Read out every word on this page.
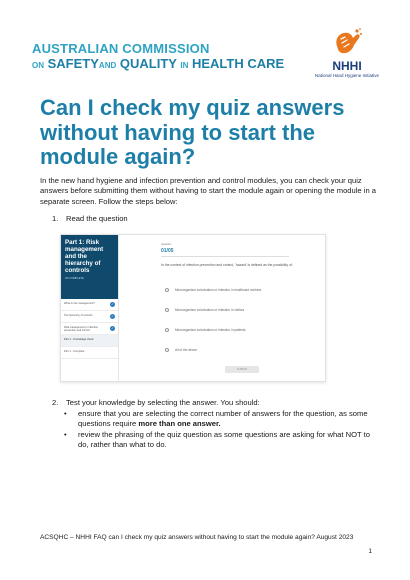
AUSTRALIAN COMMISSION
ON SAFETYAND QUALITY IN HEALTH CARE	NHHI
National Hand Hygiene Initiative
Can I check my quiz answers without having to start the module again?

In the new hand hygiene and infection prevention and control modules, you can check your quiz answers before submitting them without having to start the module again or opening the module in a separate screen. Follow the steps below:

1. Read the question
Part 1: Risk management and the hierarchy of controls
0% COMPLETE
What is risk management?	✓
The hierarchy of controls	✓
Risk management in infection prevention and control
✓
Part 1 - Knowledge check
Part 1 - Complete
Question
01/05
In the context of infection prevention and control, 'hazard' is defined as the possibility of:
Microorganism colonisation or infection in healthcare workers
Microorganism colonisation or infection in visitors
Microorganism colonisation or infection in patients
All of the above
SUBMIT
2. Test your knowledge by selecting the answer. You should:
• ensure that you are selecting the correct number of answers for the question, as some questions require more than one answer.
• review the phrasing of the quiz question as some questions are asking for what NOT to do, rather than what to do.
ACSQHC – NHHI FAQ can I check my quiz answers without having to start the module again? August 2023
1
